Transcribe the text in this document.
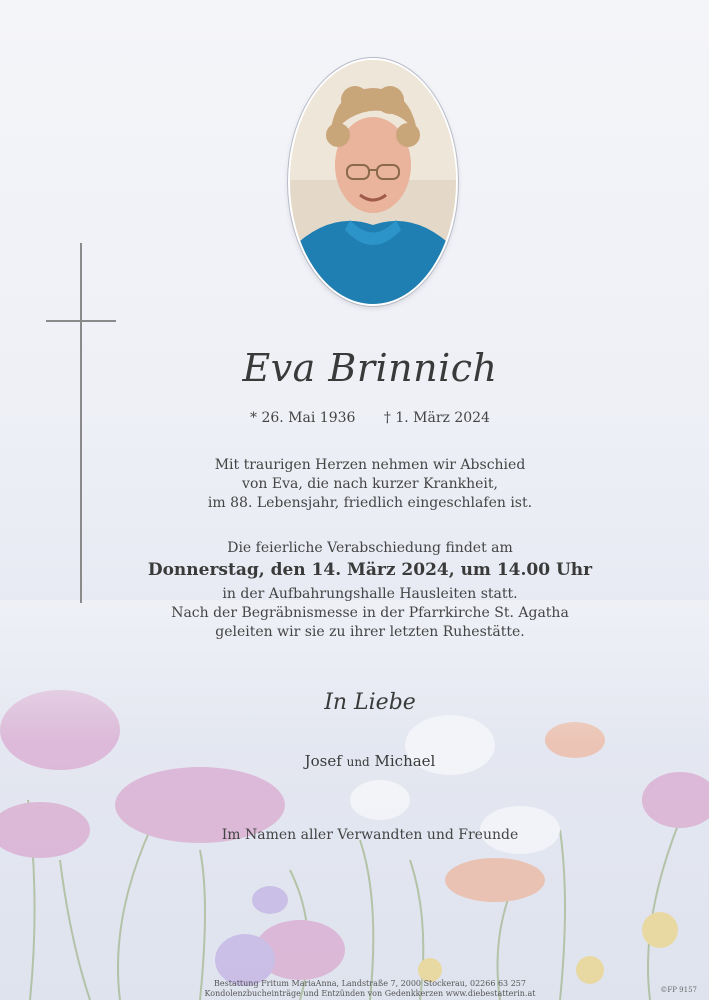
Eva Brinnich
* 26. Mai 1936 † 1. März 2024
Mit traurigen Herzen nehmen wir Abschied
von Eva, die nach kurzer Krankheit,
im 88. Lebensjahr, friedlich eingeschlafen ist.
Die feierliche Verabschiedung findet am
Donnerstag, den 14. März 2024, um 14.00 Uhr
in der Aufbahrungshalle Hausleiten statt.
Nach der Begräbnismesse in der Pfarrkirche St. Agatha
geleiten wir sie zu ihrer letzten Ruhestätte.
In Liebe
Josef und Michael
Im Namen aller Verwandten und Freunde
Bestattung Fritum MariaAnna, Landstraße 7, 2000 Stockerau, 02266 63 257
Kondolenzbucheinträge und Entzünden von Gedenkkerzen www.diebestatterin.at	©FP 9157
